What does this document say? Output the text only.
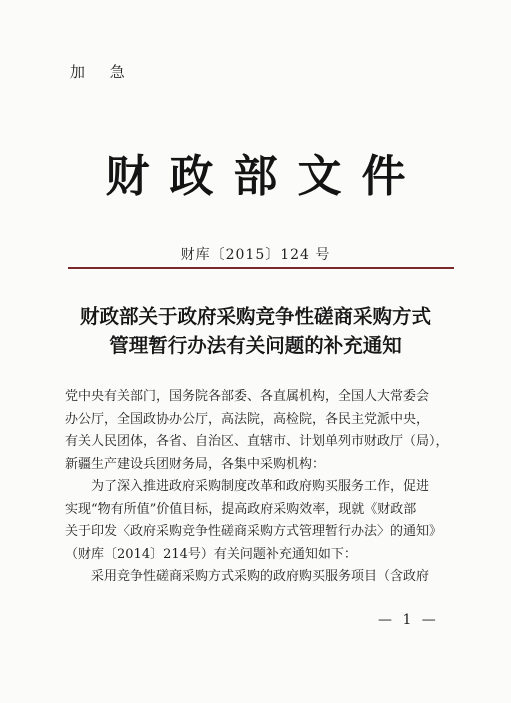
加 急
财政部文件
财库〔2015〕124 号
财政部关于政府采购竞争性磋商采购方式
管理暂行办法有关问题的补充通知
党中央有关部门，国务院各部委、各直属机构，全国人大常委会
办公厅，全国政协办公厅，高法院，高检院，各民主党派中央，
有关人民团体，各省、自治区、直辖市、计划单列市财政厅（局），
新疆生产建设兵团财务局，各集中采购机构：
为了深入推进政府采购制度改革和政府购买服务工作，促进
实现“物有所值”价值目标，提高政府采购效率，现就《财政部
关于印发〈政府采购竞争性磋商采购方式管理暂行办法〉的通知》
（财库〔2014〕214号）有关问题补充通知如下：
采用竞争性磋商采购方式采购的政府购买服务项目（含政府
— 1 —
